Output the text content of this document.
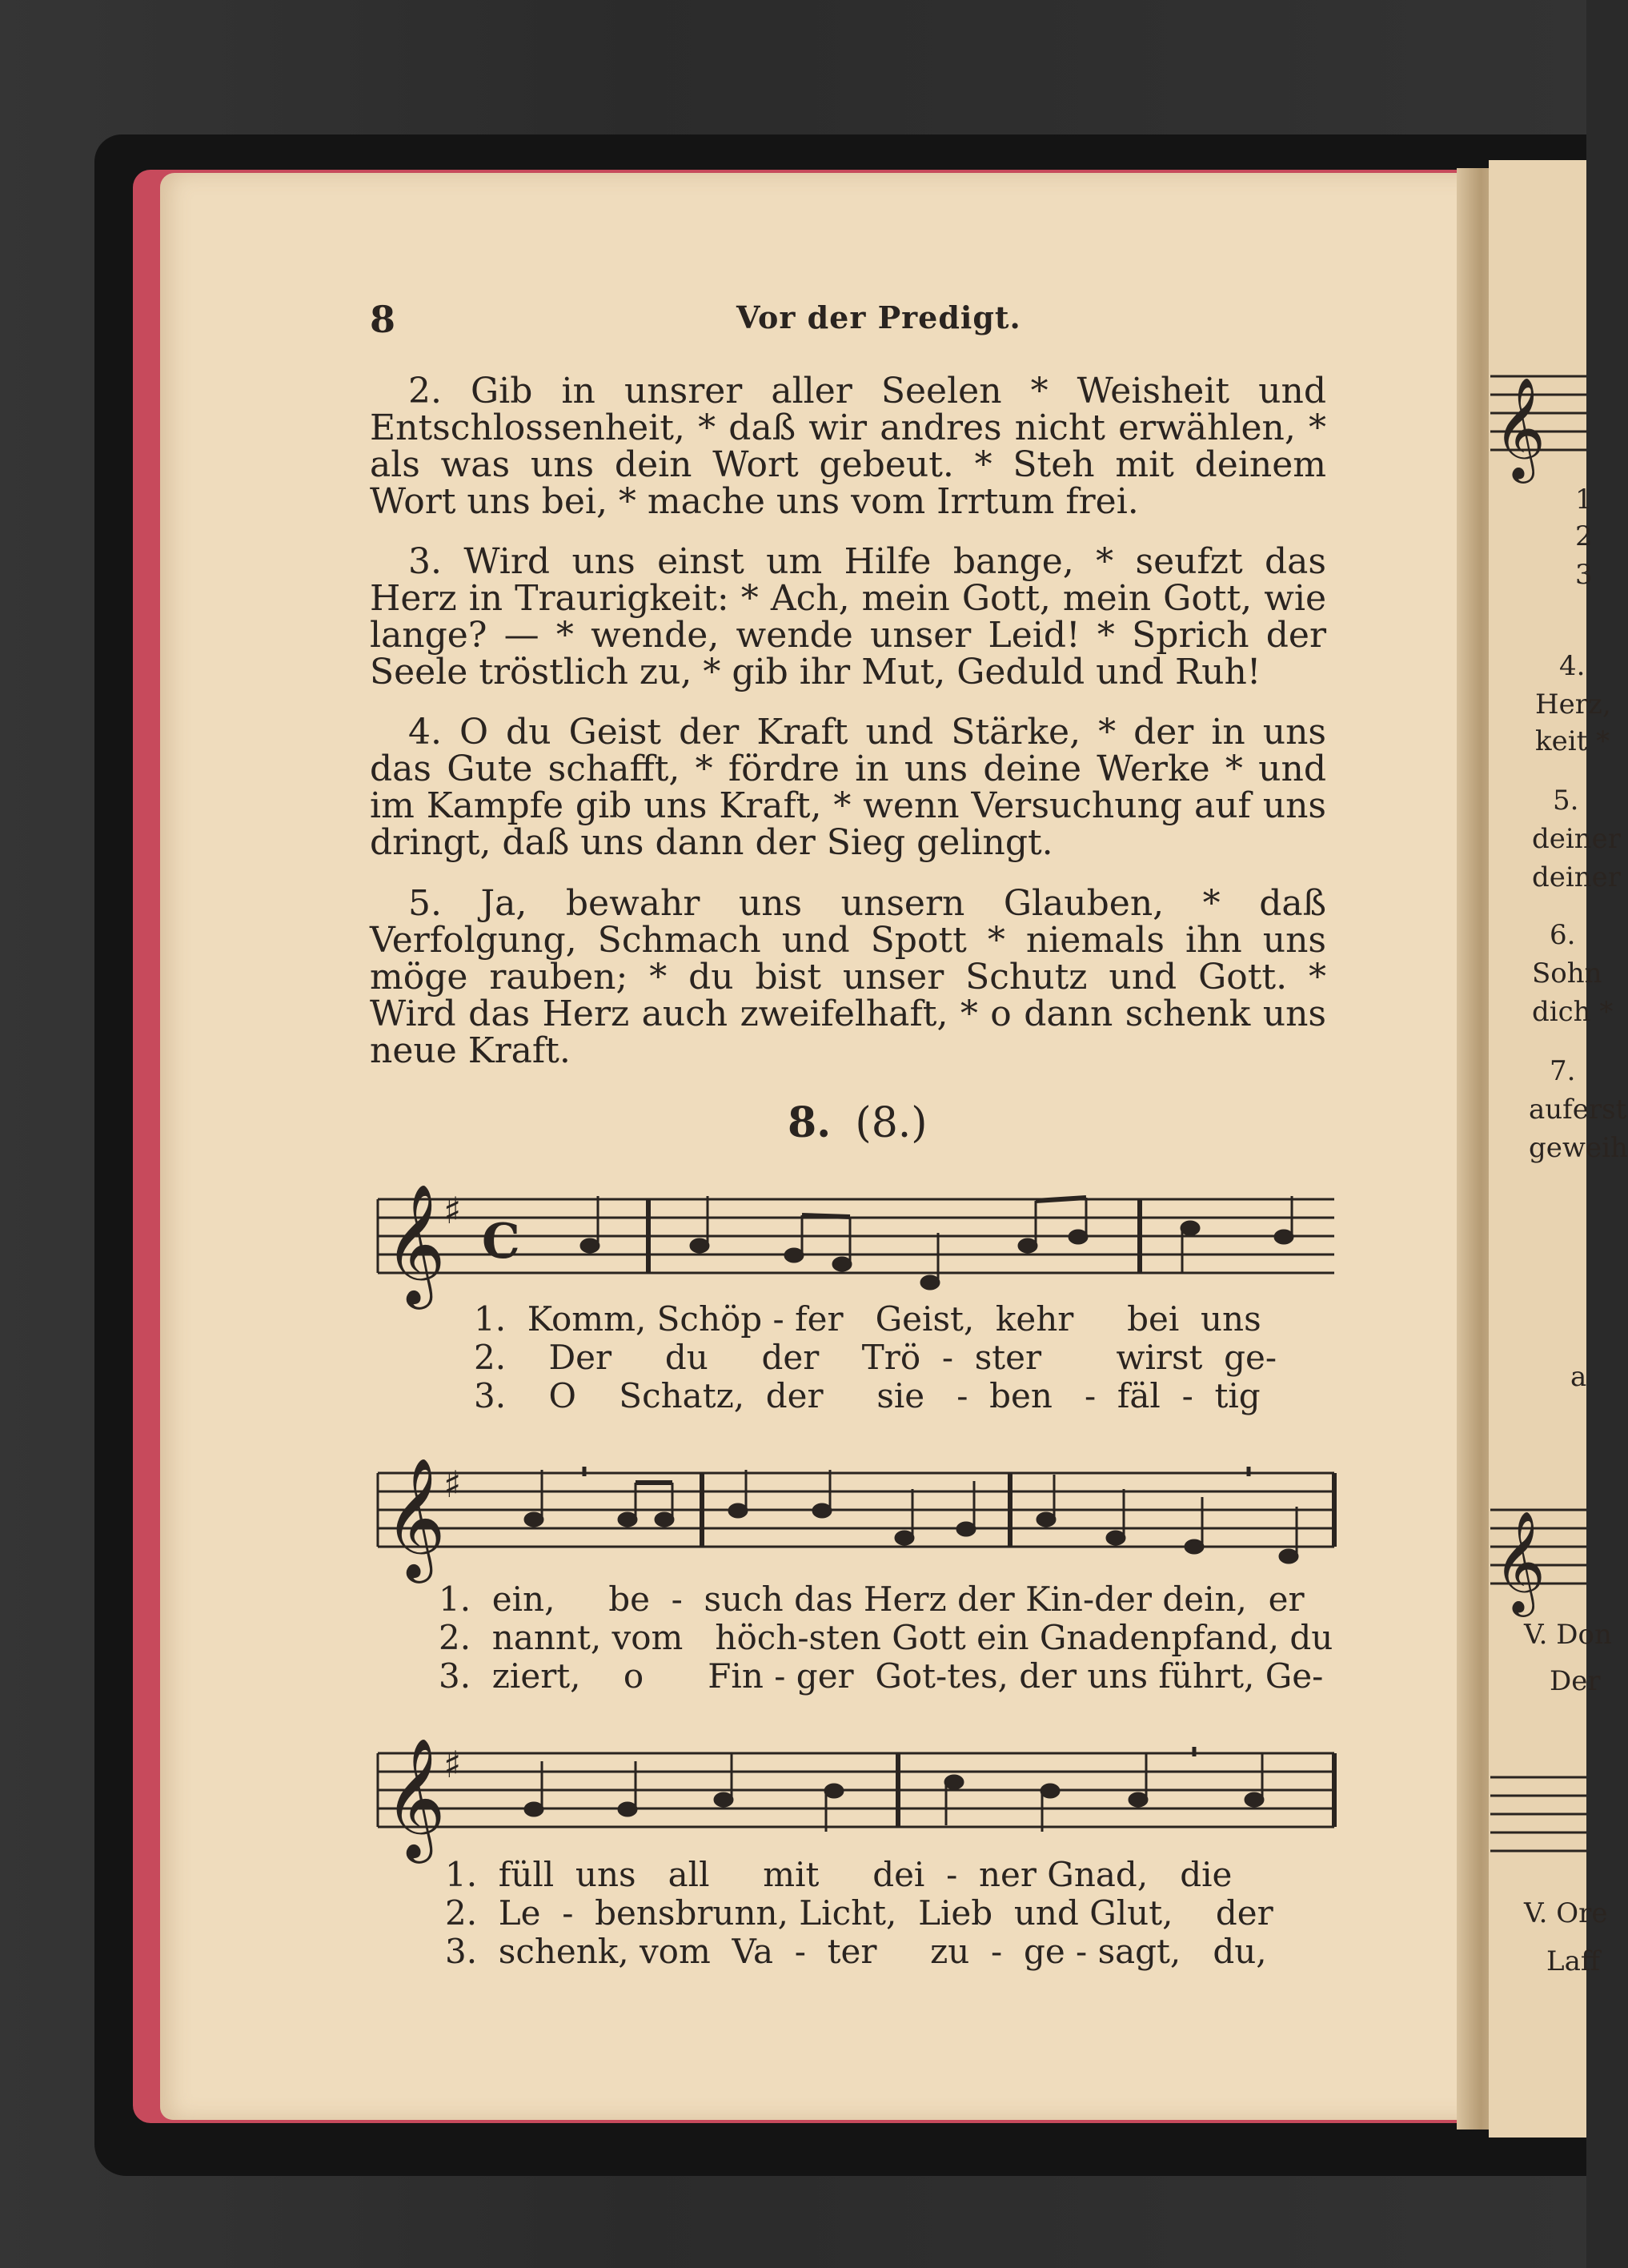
8	Vor der Predigt.

2. Gib in unsrer aller Seelen * Weisheit und Entschlossenheit, * daß wir andres nicht erwählen, * als was uns dein Wort gebeut. * Steh mit deinem Wort uns bei, * mache uns vom Irrtum frei.

3. Wird uns einst um Hilfe bange, * seufzt das Herz in Traurigkeit: * Ach, mein Gott, mein Gott, wie lange? — * wende, wende unser Leid! * Sprich der Seele tröstlich zu, * gib ihr Mut, Geduld und Ruh!

4. O du Geist der Kraft und Stärke, * der in uns das Gute schafft, * fördre in uns deine Werke * und im Kampfe gib uns Kraft, * wenn Versuchung auf uns dringt, daß uns dann der Sieg gelingt.

5. Ja, bewahr uns unsern Glauben, * daß Verfolgung, Schmach und Spott * niemals ihn uns möge rauben; * du bist unser Schutz und Gott. * Wird das Herz auch zweifelhaft, * o dann schenk uns neue Kraft.

8. (8.)
𝄞
♯
C
1.  Komm, Schöp - fer   Geist,  kehr     bei  uns
2.    Der     du     der    Trö  -  ster       wirst  ge-
3.    O    Schatz,  der     sie   -  ben   -  fäl  -  tig
𝄞
♯
1.  ein,     be  -  such das Herz der Kin-der dein,  er
2.  nannt, vom   höch-sten Gott ein Gnadenpfand, du
3.  ziert,    o      Fin - ger  Got-tes, der uns führt, Ge-
𝄞
♯
1.  füll  uns   all     mit     dei  -  ner Gnad,   die
2.  Le  -  bensbrunn, Licht,  Lieb  und Glut,    der
3.  schenk, vom  Va  -  ter     zu  -  ge - sagt,   du,
𝄞
𝄞
1
2
3
4.
Herz,
keit *
5.
deiner
deiner
6.
Sohn
dich *
7.
auferst
geweih
a
V. Don
Der
V. Ore
Laff
